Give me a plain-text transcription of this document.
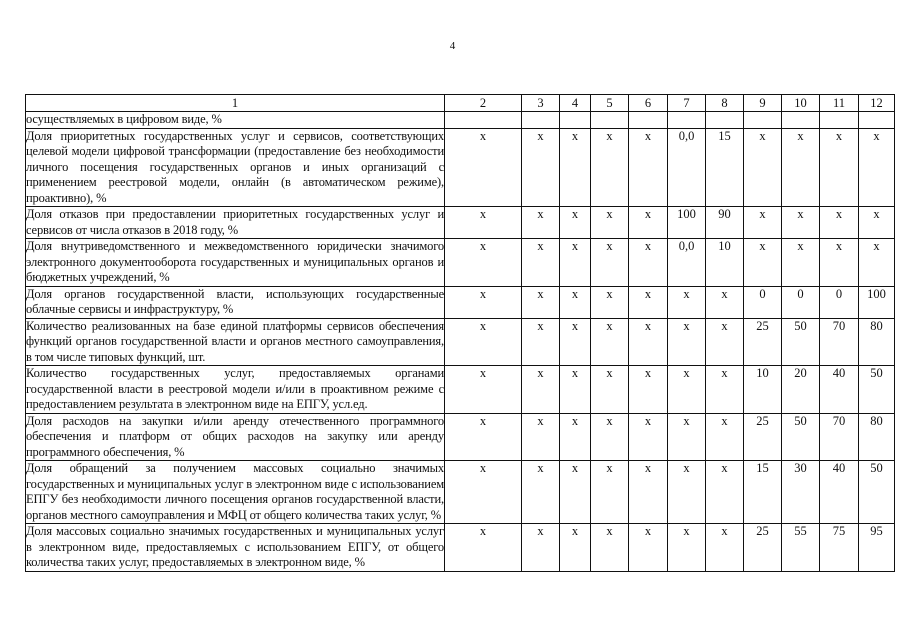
4
1	2	3	4	5	6	7	8	9	10	11	12
осуществляемых в цифровом виде, %											
Доля приоритетных государственных услуг и сервисов, соответствующих целевой модели цифровой трансформации (предоставление без необходимости личного посещения государственных органов и иных организаций с применением реестровой модели, онлайн (в автоматическом режиме), проактивно), %	х	х	х	х	х	0,0	15	х	х	х	х
Доля отказов при предоставлении приоритетных государственных услуг и сервисов от числа отказов в 2018 году, %	х	х	х	х	х	100	90	х	х	х	х
Доля внутриведомственного и межведомственного юридически значимого электронного документооборота государственных и муниципальных органов и бюджетных учреждений, %	х	х	х	х	х	0,0	10	х	х	х	х
Доля органов государственной власти, использующих государственные облачные сервисы и инфраструктуру, %	х	х	х	х	х	х	х	0	0	0	100
Количество реализованных на базе единой платформы сервисов обеспечения функций органов государственной власти и органов местного самоуправления, в том числе типовых функций, шт.	х	х	х	х	х	х	х	25	50	70	80
Количество государственных услуг, предоставляемых органами государственной власти в реестровой модели и/или в проактивном режиме с предоставлением результата в электронном виде на ЕПГУ, усл.ед.	х	х	х	х	х	х	х	10	20	40	50
Доля расходов на закупки и/или аренду отечественного программного обеспечения и платформ от общих расходов на закупку или аренду программного обеспечения, %	х	х	х	х	х	х	х	25	50	70	80
Доля обращений за получением массовых социально значимых государственных и муниципальных услуг в электронном виде с использованием ЕПГУ без необходимости личного посещения органов государственной власти, органов местного самоуправления и МФЦ от общего количества таких услуг, %	х	х	х	х	х	х	х	15	30	40	50
Доля массовых социально значимых государственных и муниципальных услуг в электронном виде, предоставляемых с использованием ЕПГУ, от общего количества таких услуг, предоставляемых в электронном виде, %	х	х	х	х	х	х	х	25	55	75	95
